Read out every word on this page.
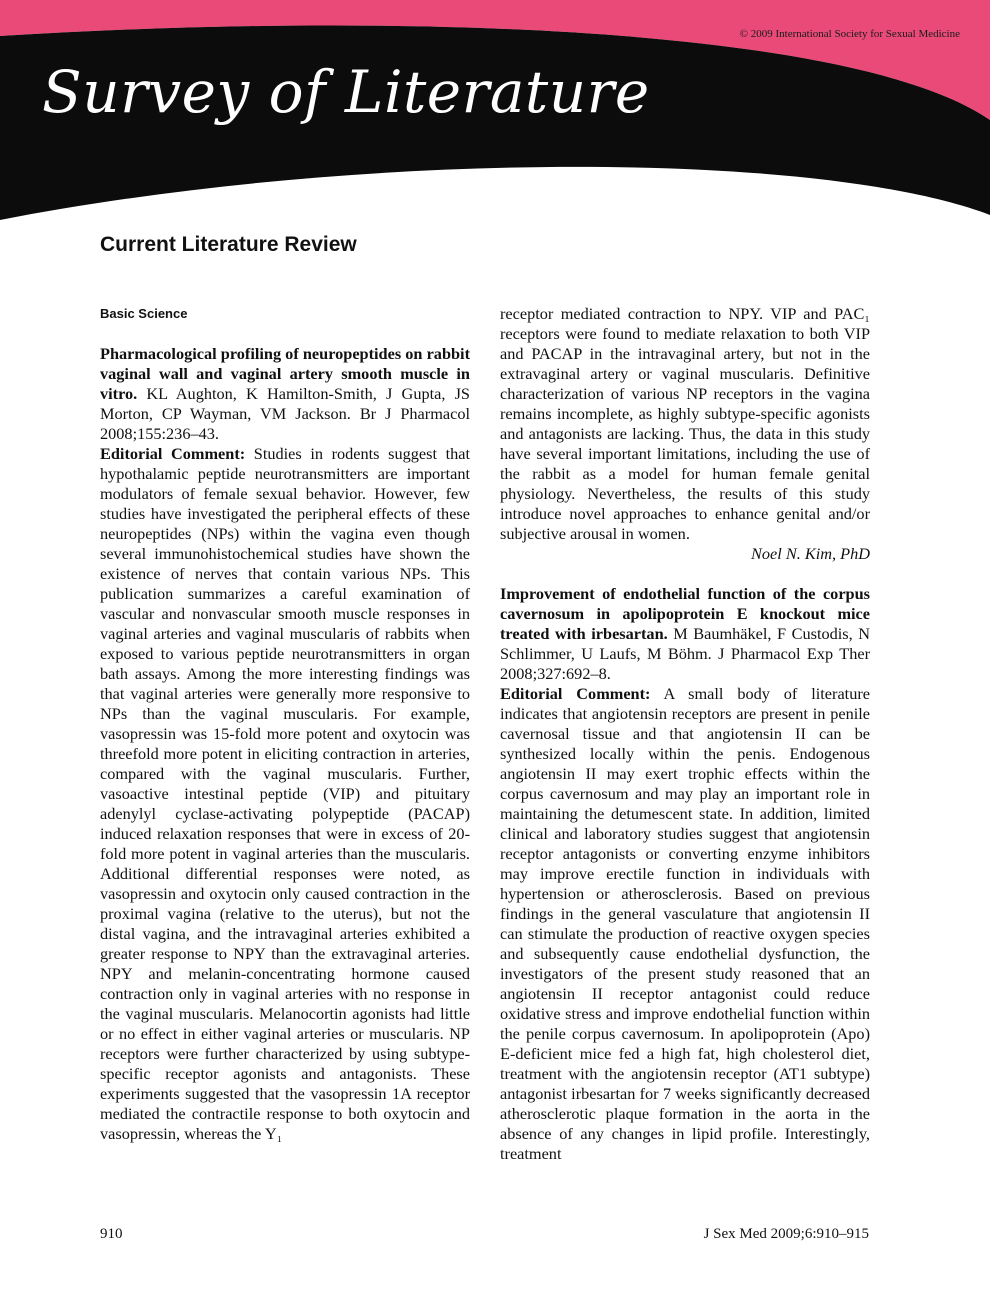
© 2009 International Society for Sexual Medicine
Survey of Literature
Current Literature Review
Basic Science

Pharmacological profiling of neuropeptides on rabbit vaginal wall and vaginal artery smooth muscle in vitro. KL Aughton, K Hamilton-Smith, J Gupta, JS Morton, CP Wayman, VM Jackson. Br J Pharmacol 2008;155:236–43.

Editorial Comment: Studies in rodents suggest that hypothalamic peptide neurotransmitters are important modulators of female sexual behavior. However, few studies have investigated the peripheral effects of these neuropeptides (NPs) within the vagina even though several immunohistochemical studies have shown the existence of nerves that contain various NPs. This publication summarizes a careful examination of vascular and nonvascular smooth muscle responses in vaginal arteries and vaginal muscularis of rabbits when exposed to various peptide neurotransmitters in organ bath assays. Among the more interesting findings was that vaginal arteries were generally more responsive to NPs than the vaginal muscularis. For example, vasopressin was 15-fold more potent and oxytocin was threefold more potent in eliciting contraction in arteries, compared with the vaginal muscularis. Further, vasoactive intestinal peptide (VIP) and pituitary adenylyl cyclase-activating polypeptide (PACAP) induced relaxation responses that were in excess of 20-fold more potent in vaginal arteries than the muscularis. Additional differential responses were noted, as vasopressin and oxytocin only caused contraction in the proximal vagina (relative to the uterus), but not the distal vagina, and the intravaginal arteries exhibited a greater response to NPY than the extravaginal arteries. NPY and melanin-concentrating hormone caused contraction only in vaginal arteries with no response in the vaginal muscularis. Melanocortin agonists had little or no effect in either vaginal arteries or muscularis. NP receptors were further characterized by using subtype-specific receptor agonists and antagonists. These experiments suggested that the vasopressin 1A receptor mediated the contractile response to both oxytocin and vasopressin, whereas the Y₁

receptor mediated contraction to NPY. VIP and PAC₁ receptors were found to mediate relaxation to both VIP and PACAP in the intravaginal artery, but not in the extravaginal artery or vaginal muscularis. Definitive characterization of various NP receptors in the vagina remains incomplete, as highly subtype-specific agonists and antagonists are lacking. Thus, the data in this study have several important limitations, including the use of the rabbit as a model for human female genital physiology. Nevertheless, the results of this study introduce novel approaches to enhance genital and/or subjective arousal in women.

Noel N. Kim, PhD

Improvement of endothelial function of the corpus cavernosum in apolipoprotein E knockout mice treated with irbesartan. M Baumhäkel, F Custodis, N Schlimmer, U Laufs, M Böhm. J Pharmacol Exp Ther 2008;327:692–8.

Editorial Comment: A small body of literature indicates that angiotensin receptors are present in penile cavernosal tissue and that angiotensin II can be synthesized locally within the penis. Endogenous angiotensin II may exert trophic effects within the corpus cavernosum and may play an important role in maintaining the detumescent state. In addition, limited clinical and laboratory studies suggest that angiotensin receptor antagonists or converting enzyme inhibitors may improve erectile function in individuals with hypertension or atherosclerosis. Based on previous findings in the general vasculature that angiotensin II can stimulate the production of reactive oxygen species and subsequently cause endothelial dysfunction, the investigators of the present study reasoned that an angiotensin II receptor antagonist could reduce oxidative stress and improve endothelial function within the penile corpus cavernosum. In apolipoprotein (Apo) E-deficient mice fed a high fat, high cholesterol diet, treatment with the angiotensin receptor (AT1 subtype) antagonist irbesartan for 7 weeks significantly decreased atherosclerotic plaque formation in the aorta in the absence of any changes in lipid profile. Interestingly, treatment

910	J Sex Med 2009;6:910–915
